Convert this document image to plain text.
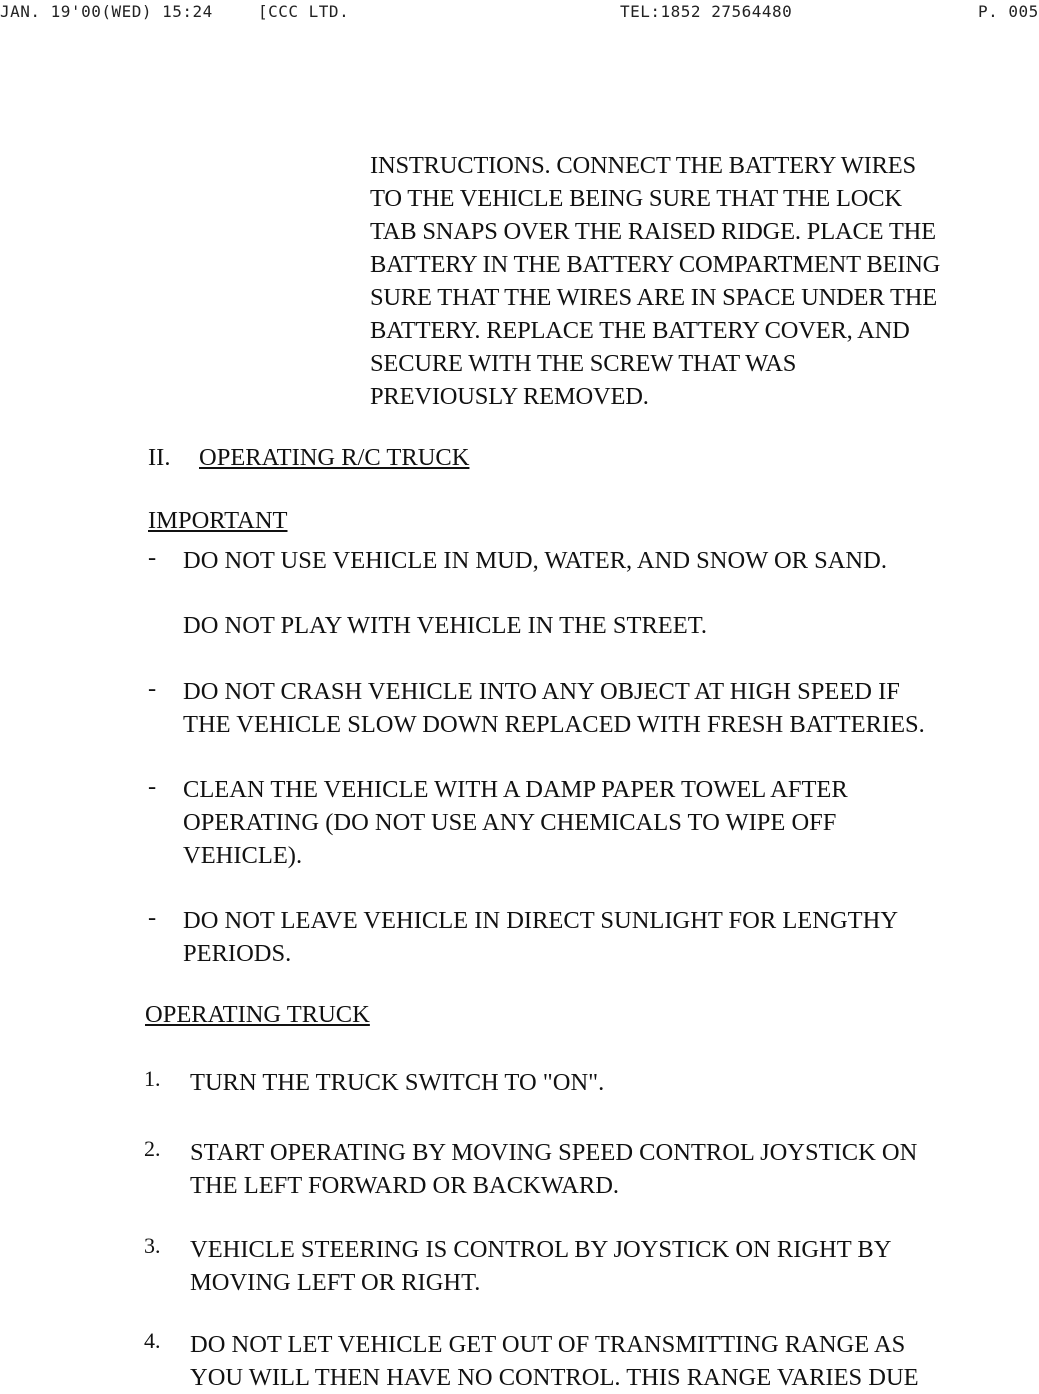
JAN. 19'00(WED) 15:24	[CCC LTD.	TEL:1852 27564480	P. 005
INSTRUCTIONS. CONNECT THE BATTERY WIRES
TO THE VEHICLE BEING SURE THAT THE LOCK
TAB SNAPS OVER THE RAISED RIDGE. PLACE THE
BATTERY IN THE BATTERY COMPARTMENT BEING
SURE THAT THE WIRES ARE IN SPACE UNDER THE
BATTERY. REPLACE THE BATTERY COVER, AND
SECURE WITH THE SCREW THAT WAS
PREVIOUSLY REMOVED.
II. OPERATING R/C TRUCK
IMPORTANT
- DO NOT USE VEHICLE IN MUD, WATER, AND SNOW OR SAND.
DO NOT PLAY WITH VEHICLE IN THE STREET.
- DO NOT CRASH VEHICLE INTO ANY OBJECT AT HIGH SPEED IF
THE VEHICLE SLOW DOWN REPLACED WITH FRESH BATTERIES.
- CLEAN THE VEHICLE WITH A DAMP PAPER TOWEL AFTER
OPERATING (DO NOT USE ANY CHEMICALS TO WIPE OFF
VEHICLE).
- DO NOT LEAVE VEHICLE IN DIRECT SUNLIGHT FOR LENGTHY
PERIODS.
OPERATING TRUCK
1. TURN THE TRUCK SWITCH TO "ON".
2. START OPERATING BY MOVING SPEED CONTROL JOYSTICK ON
THE LEFT FORWARD OR BACKWARD.
3. VEHICLE STEERING IS CONTROL BY JOYSTICK ON RIGHT BY
MOVING LEFT OR RIGHT.
4. DO NOT LET VEHICLE GET OUT OF TRANSMITTING RANGE AS
YOU WILL THEN HAVE NO CONTROL. THIS RANGE VARIES DUE
